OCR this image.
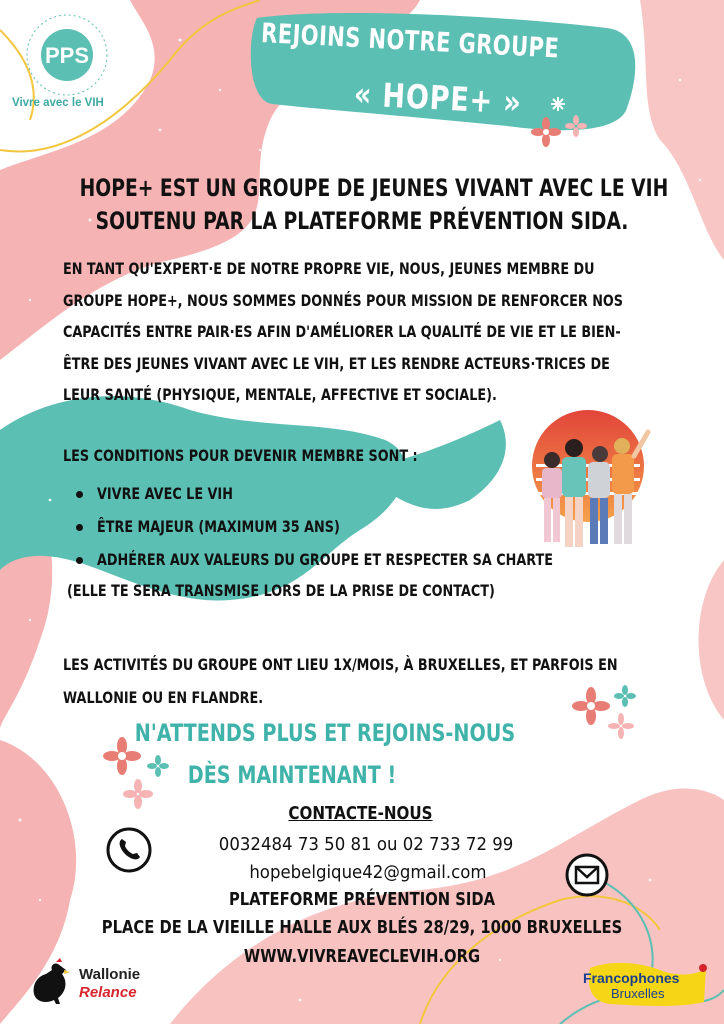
PPS
Vivre avec le VIH
REJOINS NOTRE GROUPE
« HOPE+ »
HOPE+ EST UN GROUPE DE JEUNES VIVANT AVEC LE VIH
SOUTENU PAR LA PLATEFORME PRÉVENTION SIDA.
EN TANT QU'EXPERT·E DE NOTRE PROPRE VIE, NOUS, JEUNES MEMBRE DU
GROUPE HOPE+, NOUS SOMMES DONNÉS POUR MISSION DE RENFORCER NOS
CAPACITÉS ENTRE PAIR·ES AFIN D'AMÉLIORER LA QUALITÉ DE VIE ET LE BIEN-
ÊTRE DES JEUNES VIVANT AVEC LE VIH, ET LES RENDRE ACTEURS·TRICES DE
LEUR SANTÉ (PHYSIQUE, MENTALE, AFFECTIVE ET SOCIALE).
LES CONDITIONS POUR DEVENIR MEMBRE SONT :
VIVRE AVEC LE VIH
ÊTRE MAJEUR (MAXIMUM 35 ANS)
ADHÉRER AUX VALEURS DU GROUPE ET RESPECTER SA CHARTE
(ELLE TE SERA TRANSMISE LORS DE LA PRISE DE CONTACT)
LES ACTIVITÉS DU GROUPE ONT LIEU 1X/MOIS, À BRUXELLES, ET PARFOIS EN
WALLONIE OU EN FLANDRE.
N'ATTENDS PLUS ET REJOINS-NOUS
DÈS MAINTENANT !
CONTACTE-NOUS
0032484 73 50 81 ou 02 733 72 99
hopebelgique42@gmail.com
PLATEFORME PRÉVENTION SIDA
PLACE DE LA VIEILLE HALLE AUX BLÉS 28/29, 1000 BRUXELLES
WWW.VIVREAVECLEVIH.ORG
Wallonie
Relance
Francophones
Bruxelles
